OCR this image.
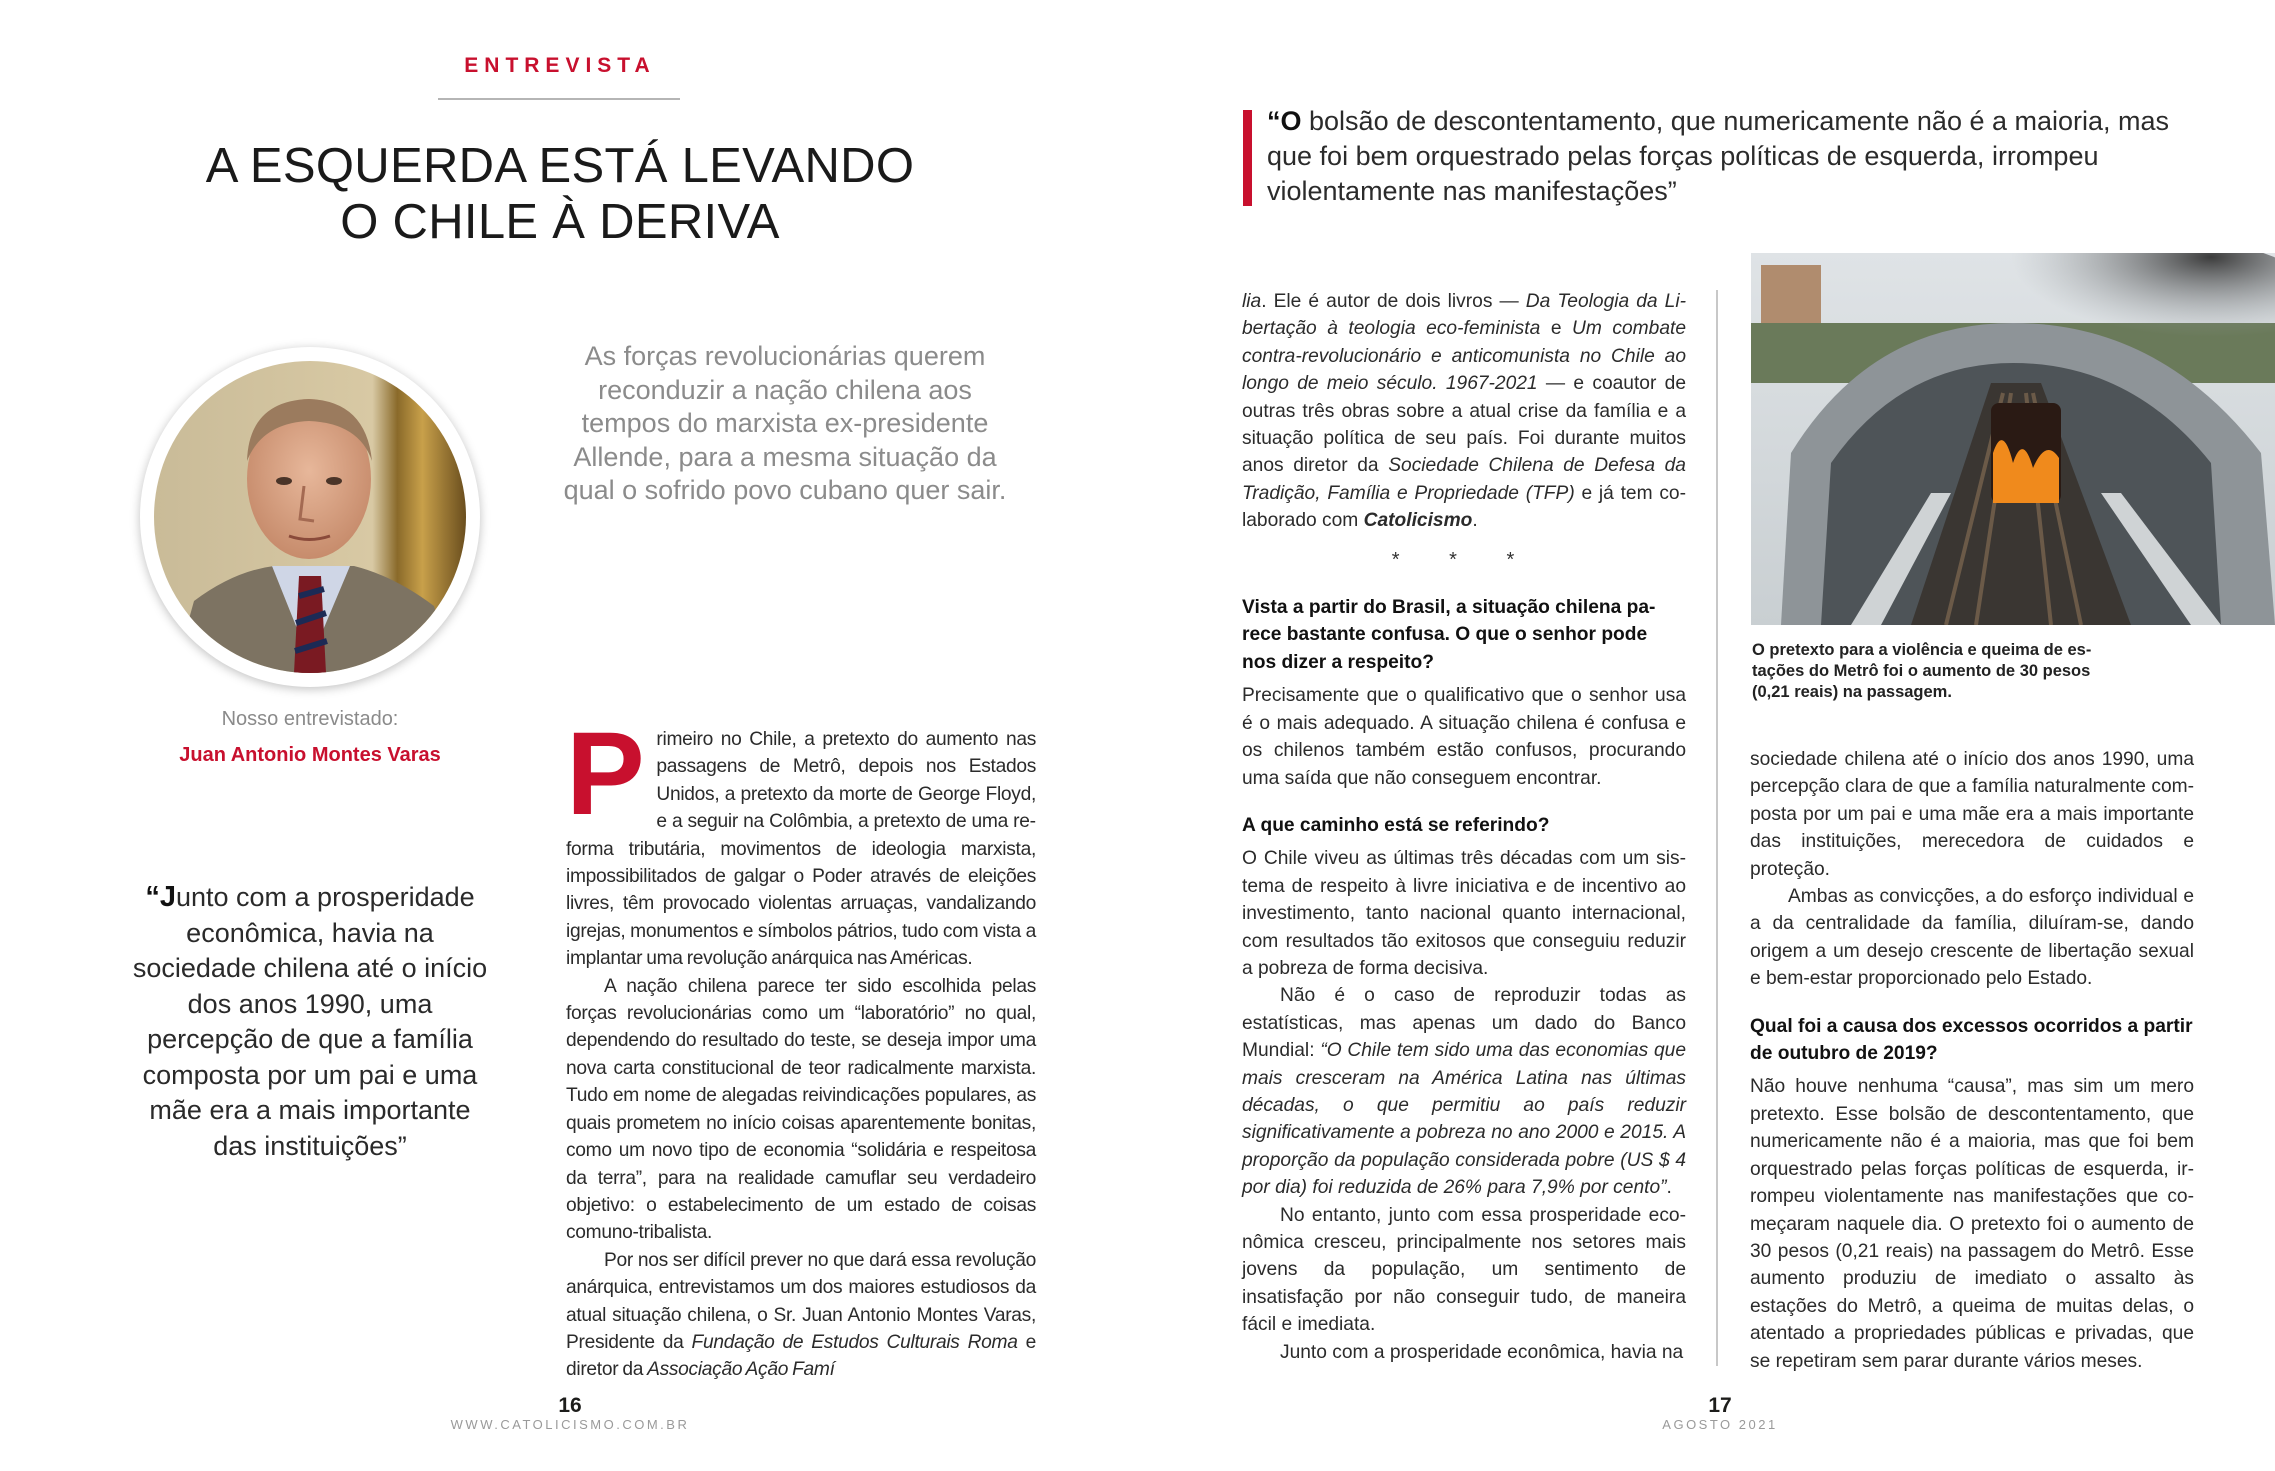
ENTREVISTA
A ESQUERDA ESTÁ LEVANDO
O CHILE À DERIVA
As forças revolucionárias querem reconduzir a nação chilena aos tempos do marxista ex-presidente Allende, para a mesma situação da qual o sofrido povo cubano quer sair.
Nosso entrevistado:
Juan Antonio Montes Varas
“Junto com a prosperidade econômica, havia na sociedade chilena até o início dos anos 1990, uma percepção de que a família composta por um pai e uma mãe era a mais importante das instituições”

Primeiro no Chile, a pretexto do aumento nas passagens de Metrô, depois nos Estados Unidos, a pretexto da morte de George Floyd, e a seguir na Colômbia, a pretexto de uma reforma tributária, movimentos de ideologia marxista, impossibilitados de galgar o Poder através de eleições livres, têm provocado violentas arruaças, vandalizando igrejas, monumentos e símbolos pátrios, tudo com vista a implantar uma revolução anárquica nas Américas.

A nação chilena parece ter sido escolhida pelas forças revolucionárias como um “laboratório” no qual, dependendo do resultado do teste, se deseja impor uma nova carta constitucional de teor radicalmente marxista. Tudo em nome de alegadas reivindicações populares, as quais prometem no início coisas aparentemente bonitas, como um novo tipo de economia “solidária e respeitosa da terra”, para na realidade camuflar seu verdadeiro objetivo: o estabelecimento de um estado de coisas comuno-tribalista.

Por nos ser difícil prever no que dará essa revolução anárquica, entrevistamos um dos maiores estudiosos da atual situação chilena, o Sr. Juan Antonio Montes Varas, Presidente da Fundação de Estudos Culturais Roma e diretor da Associação Ação Famí

16
WWW.CATOLICISMO.COM.BR
“O bolsão de descontentamento, que numericamente não é a maioria, mas que foi bem orquestrado pelas forças políticas de esquerda, irrompeu violentamente nas manifestações”

lia. Ele é autor de dois livros — Da Teologia da Libertação à teologia eco-feminista e Um combate contra-revolucionário e anticomunista no Chile ao longo de meio século. 1967-2021 — e coautor de outras três obras sobre a atual crise da família e a situação política de seu país. Foi durante muitos anos diretor da Sociedade Chilena de Defesa da Tradição, Família e Propriedade (TFP) e já tem colaborado com Catolicismo.

* * *

Vista a partir do Brasil, a situação chilena parece bastante confusa. O que o senhor pode nos dizer a respeito?

Precisamente que o qualificativo que o senhor usa é o mais adequado. A situação chilena é confusa e os chilenos também estão confusos, procurando uma saída que não conseguem encontrar.

A que caminho está se referindo?

O Chile viveu as últimas três décadas com um sistema de respeito à livre iniciativa e de incentivo ao investimento, tanto nacional quanto internacional, com resultados tão exitosos que conseguiu reduzir a pobreza de forma decisiva.

Não é o caso de reproduzir todas as estatísticas, mas apenas um dado do Banco Mundial: “O Chile tem sido uma das economias que mais cresceram na América Latina nas últimas décadas, o que permitiu ao país reduzir significativamente a pobreza no ano 2000 e 2015. A proporção da população considerada pobre (US $ 4 por dia) foi reduzida de 26% para 7,9% por cento”.

No entanto, junto com essa prosperidade econômica cresceu, principalmente nos setores mais jovens da população, um sentimento de insatisfação por não conseguir tudo, de maneira fácil e imediata.

Junto com a prosperidade econômica, havia na

O pretexto para a violência e queima de estações do Metrô foi o aumento de 30 pesos (0,21 reais) na passagem.

sociedade chilena até o início dos anos 1990, uma percepção clara de que a família naturalmente composta por um pai e uma mãe era a mais importante das instituições, merecedora de cuidados e proteção.

Ambas as convicções, a do esforço individual e a da centralidade da família, diluíram-se, dando origem a um desejo crescente de libertação sexual e bem-estar proporcionado pelo Estado.

Qual foi a causa dos excessos ocorridos a partir de outubro de 2019?

Não houve nenhuma “causa”, mas sim um mero pretexto. Esse bolsão de descontentamento, que numericamente não é a maioria, mas que foi bem orquestrado pelas forças políticas de esquerda, irrompeu violentamente nas manifestações que começaram naquele dia. O pretexto foi o aumento de 30 pesos (0,21 reais) na passagem do Metrô. Esse aumento produziu de imediato o assalto às estações do Metrô, a queima de muitas delas, o atentado a propriedades públicas e privadas, que se repetiram sem parar durante vários meses.

17
AGOSTO 2021
